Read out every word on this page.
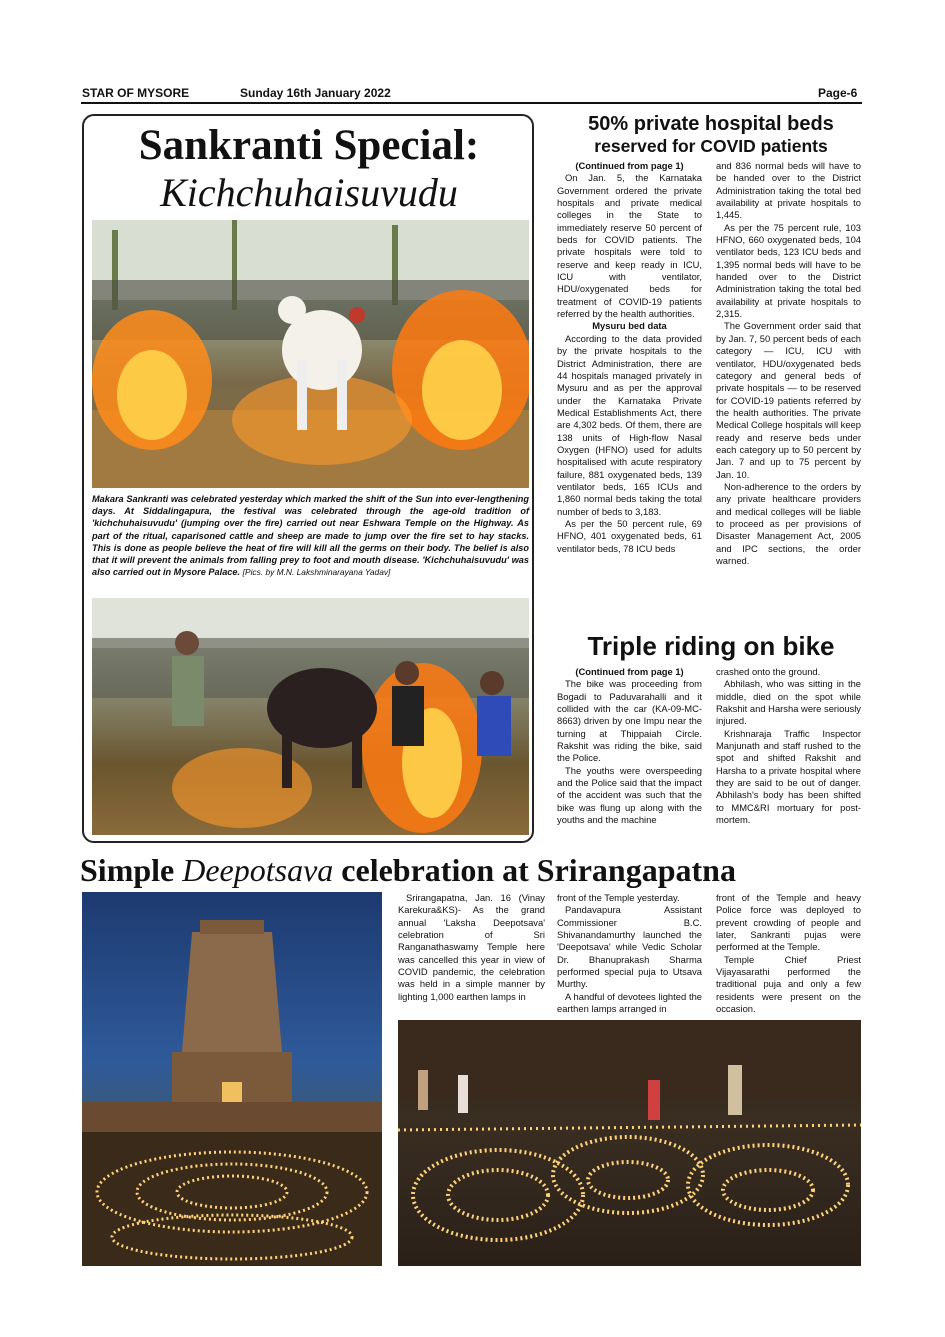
STAR OF MYSORE	Sunday 16th January 2022	Page-6
Sankranti Special:
Kichchuhaisuvudu
Makara Sankranti was celebrated yesterday which marked the shift of the Sun into ever-lengthening days. At Siddalingapura, the festival was celebrated through the age-old tradition of 'kichchuhaisuvudu' (jumping over the fire) carried out near Eshwara Temple on the Highway. As part of the ritual, caparisoned cattle and sheep are made to jump over the fire set to hay stacks. This is done as people believe the heat of fire will kill all the germs on their body. The belief is also that it will prevent the animals from falling prey to foot and mouth disease. 'Kichchuhaisuvudu' was also carried out in Mysore Palace. [Pics. by M.N. Lakshminarayana Yadav]
50% private hospital beds
reserved for COVID patients

(Continued from page 1)

On Jan. 5, the Karnataka Government ordered the private hospitals and private medical colleges in the State to immediately reserve 50 percent of beds for COVID patients. The private hospitals were told to reserve and keep ready in ICU, ICU with ventilator, HDU/oxygenated beds for treatment of COVID-19 patients referred by the health authorities.

Mysuru bed data

According to the data provided by the private hospitals to the District Administration, there are 44 hospitals managed privately in Mysuru and as per the approval under the Karnataka Private Medical Establishments Act, there are 4,302 beds. Of them, there are 138 units of High-flow Nasal Oxygen (HFNO) used for adults hospitalised with acute respiratory failure, 881 oxygenated beds, 139 ventilator beds, 165 ICUs and 1,860 normal beds taking the total number of beds to 3,183.

As per the 50 percent rule, 69 HFNO, 401 oxygenated beds, 61 ventilator beds, 78 ICU beds

and 836 normal beds will have to be handed over to the District Administration taking the total bed availability at private hospitals to 1,445.

As per the 75 percent rule, 103 HFNO, 660 oxygenated beds, 104 ventilator beds, 123 ICU beds and 1,395 normal beds will have to be handed over to the District Administration taking the total bed availability at private hospitals to 2,315.

The Government order said that by Jan. 7, 50 percent beds of each category — ICU, ICU with ventilator, HDU/oxygenated beds category and general beds of private hospitals — to be reserved for COVID-19 patients referred by the health authorities. The private Medical College hospitals will keep ready and reserve beds under each category up to 50 percent by Jan. 7 and up to 75 percent by Jan. 10.

Non-adherence to the orders by any private healthcare providers and medical colleges will be liable to proceed as per provisions of Disaster Management Act, 2005 and IPC sections, the order warned.

Triple riding on bike

(Continued from page 1)

The bike was proceeding from Bogadi to Paduvarahalli and it collided with the car (KA-09-MC-8663) driven by one Impu near the turning at Thippaiah Circle. Rakshit was riding the bike, said the Police.

The youths were overspeeding and the Police said that the impact of the accident was such that the bike was flung up along with the youths and the machine

crashed onto the ground.

Abhilash, who was sitting in the middle, died on the spot while Rakshit and Harsha were seriously injured.

Krishnaraja Traffic Inspector Manjunath and staff rushed to the spot and shifted Rakshit and Harsha to a private hospital where they are said to be out of danger. Abhilash's body has been shifted to MMC&RI mortuary for post-mortem.

Simple Deepotsava celebration at Srirangapatna

Srirangapatna, Jan. 16 (Vinay Karekura&KS)- As the grand annual 'Laksha Deepotsava' celebration of Sri Ranganathaswamy Temple here was cancelled this year in view of COVID pandemic, the celebration was held in a simple manner by lighting 1,000 earthen lamps in

front of the Temple yesterday.

Pandavapura Assistant Commissioner B.C. Shivanandamurthy launched the 'Deepotsava' while Vedic Scholar Dr. Bhanuprakash Sharma performed special puja to Utsava Murthy.

A handful of devotees lighted the earthen lamps arranged in

front of the Temple and heavy Police force was deployed to prevent crowding of people and later, Sankranti pujas were performed at the Temple.

Temple Chief Priest Vijayasarathi performed the traditional puja and only a few residents were present on the occasion.
